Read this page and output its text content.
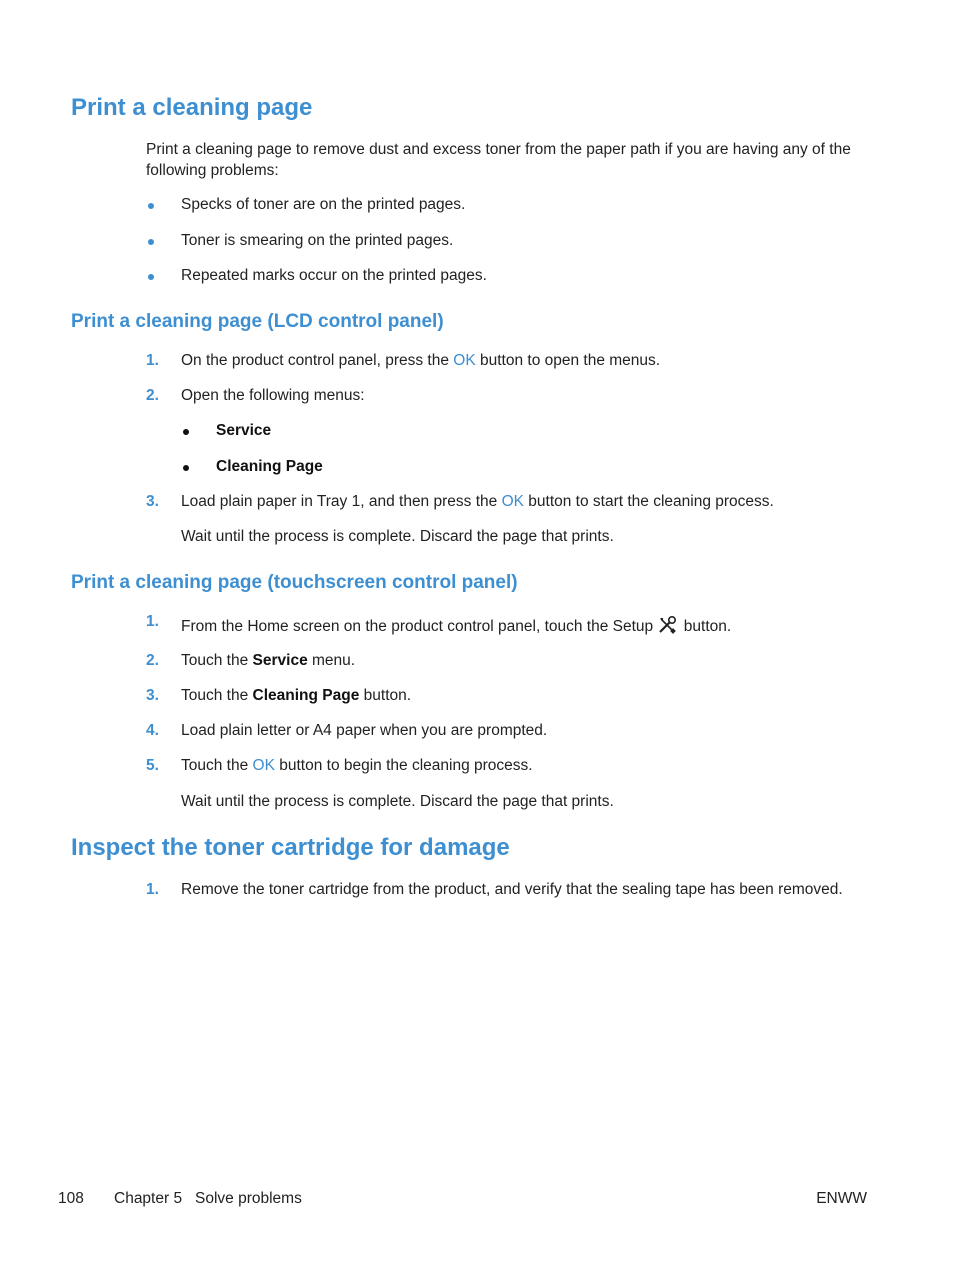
Print a cleaning page
Print a cleaning page to remove dust and excess toner from the paper path if you are having any of the following problems:
Specks of toner are on the printed pages.
Toner is smearing on the printed pages.
Repeated marks occur on the printed pages.
Print a cleaning page (LCD control panel)
1. On the product control panel, press the OK button to open the menus.
2. Open the following menus:
Service
Cleaning Page
3. Load plain paper in Tray 1, and then press the OK button to start the cleaning process.
Wait until the process is complete. Discard the page that prints.
Print a cleaning page (touchscreen control panel)
1. From the Home screen on the product control panel, touch the Setup  button.
2. Touch the Service menu.
3. Touch the Cleaning Page button.
4. Load plain letter or A4 paper when you are prompted.
5. Touch the OK button to begin the cleaning process.
Wait until the process is complete. Discard the page that prints.
Inspect the toner cartridge for damage
1. Remove the toner cartridge from the product, and verify that the sealing tape has been removed.
108 Chapter 5   Solve problems	ENWW
